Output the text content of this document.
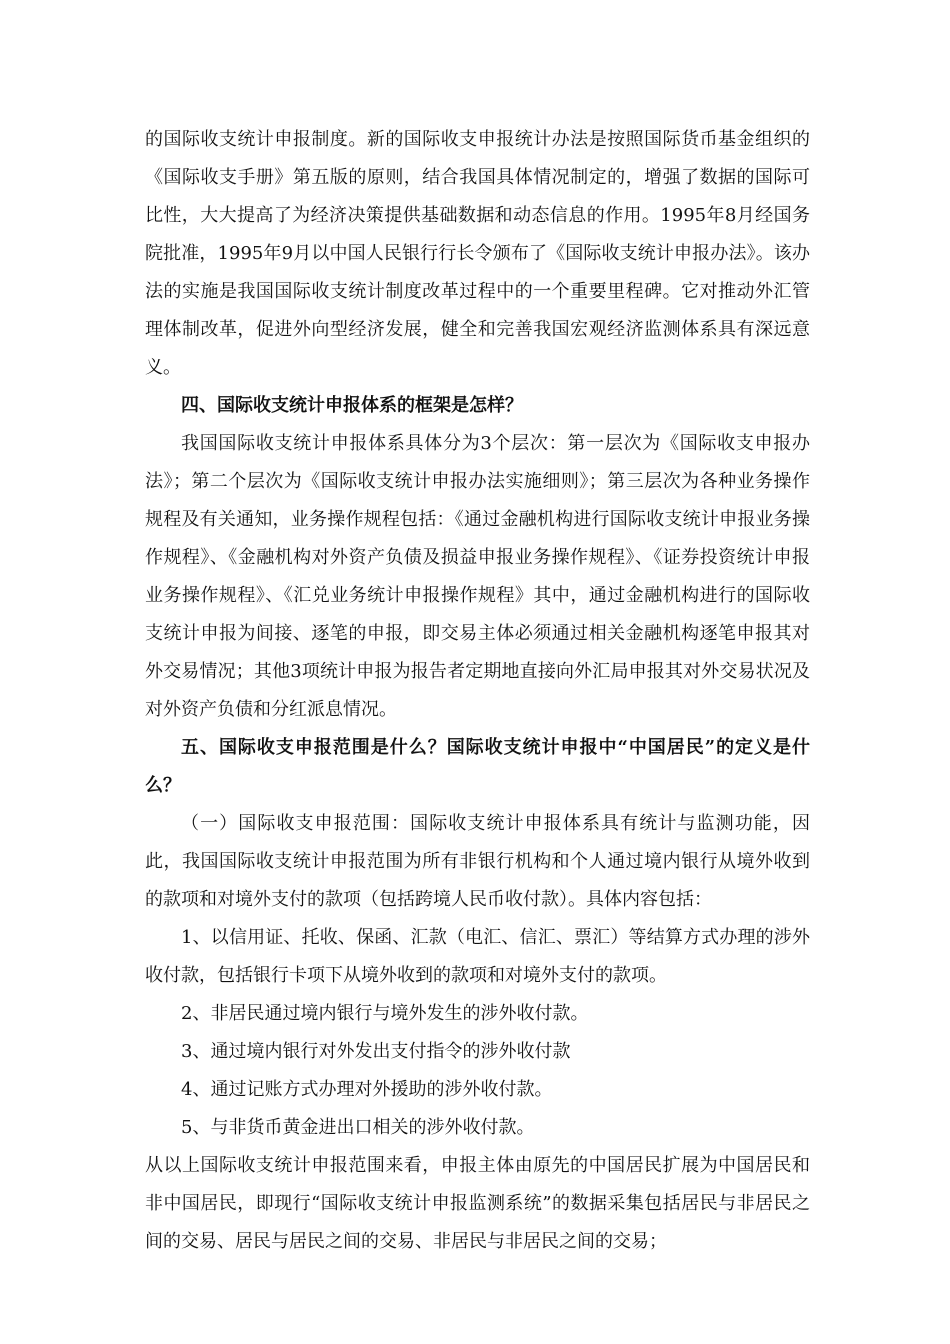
的国际收支统计申报制度。新的国际收支申报统计办法是按照国际货币基金组织的《国际收支手册》第五版的原则，结合我国具体情况制定的，增强了数据的国际可比性，大大提高了为经济决策提供基础数据和动态信息的作用。1995年8月经国务院批准，1995年9月以中国人民银行行长令颁布了《国际收支统计申报办法》。该办法的实施是我国国际收支统计制度改革过程中的一个重要里程碑。它对推动外汇管理体制改革，促进外向型经济发展，健全和完善我国宏观经济监测体系具有深远意义。

四、国际收支统计申报体系的框架是怎样？

我国国际收支统计申报体系具体分为3个层次：第一层次为《国际收支申报办法》；第二个层次为《国际收支统计申报办法实施细则》；第三层次为各种业务操作规程及有关通知，业务操作规程包括：《通过金融机构进行国际收支统计申报业务操作规程》、《金融机构对外资产负债及损益申报业务操作规程》、《证券投资统计申报业务操作规程》、《汇兑业务统计申报操作规程》其中，通过金融机构进行的国际收支统计申报为间接、逐笔的申报，即交易主体必须通过相关金融机构逐笔申报其对外交易情况；其他3项统计申报为报告者定期地直接向外汇局申报其对外交易状况及对外资产负债和分红派息情况。

五、国际收支申报范围是什么？国际收支统计申报中“中国居民”的定义是什么？

（一）国际收支申报范围：国际收支统计申报体系具有统计与监测功能，因此，我国国际收支统计申报范围为所有非银行机构和个人通过境内银行从境外收到的款项和对境外支付的款项（包括跨境人民币收付款）。具体内容包括：

1、以信用证、托收、保函、汇款（电汇、信汇、票汇）等结算方式办理的涉外收付款，包括银行卡项下从境外收到的款项和对境外支付的款项。

2、非居民通过境内银行与境外发生的涉外收付款。

3、通过境内银行对外发出支付指令的涉外收付款

4、通过记账方式办理对外援助的涉外收付款。

5、与非货币黄金进出口相关的涉外收付款。

从以上国际收支统计申报范围来看，申报主体由原先的中国居民扩展为中国居民和非中国居民，即现行“国际收支统计申报监测系统”的数据采集包括居民与非居民之间的交易、居民与居民之间的交易、非居民与非居民之间的交易；
